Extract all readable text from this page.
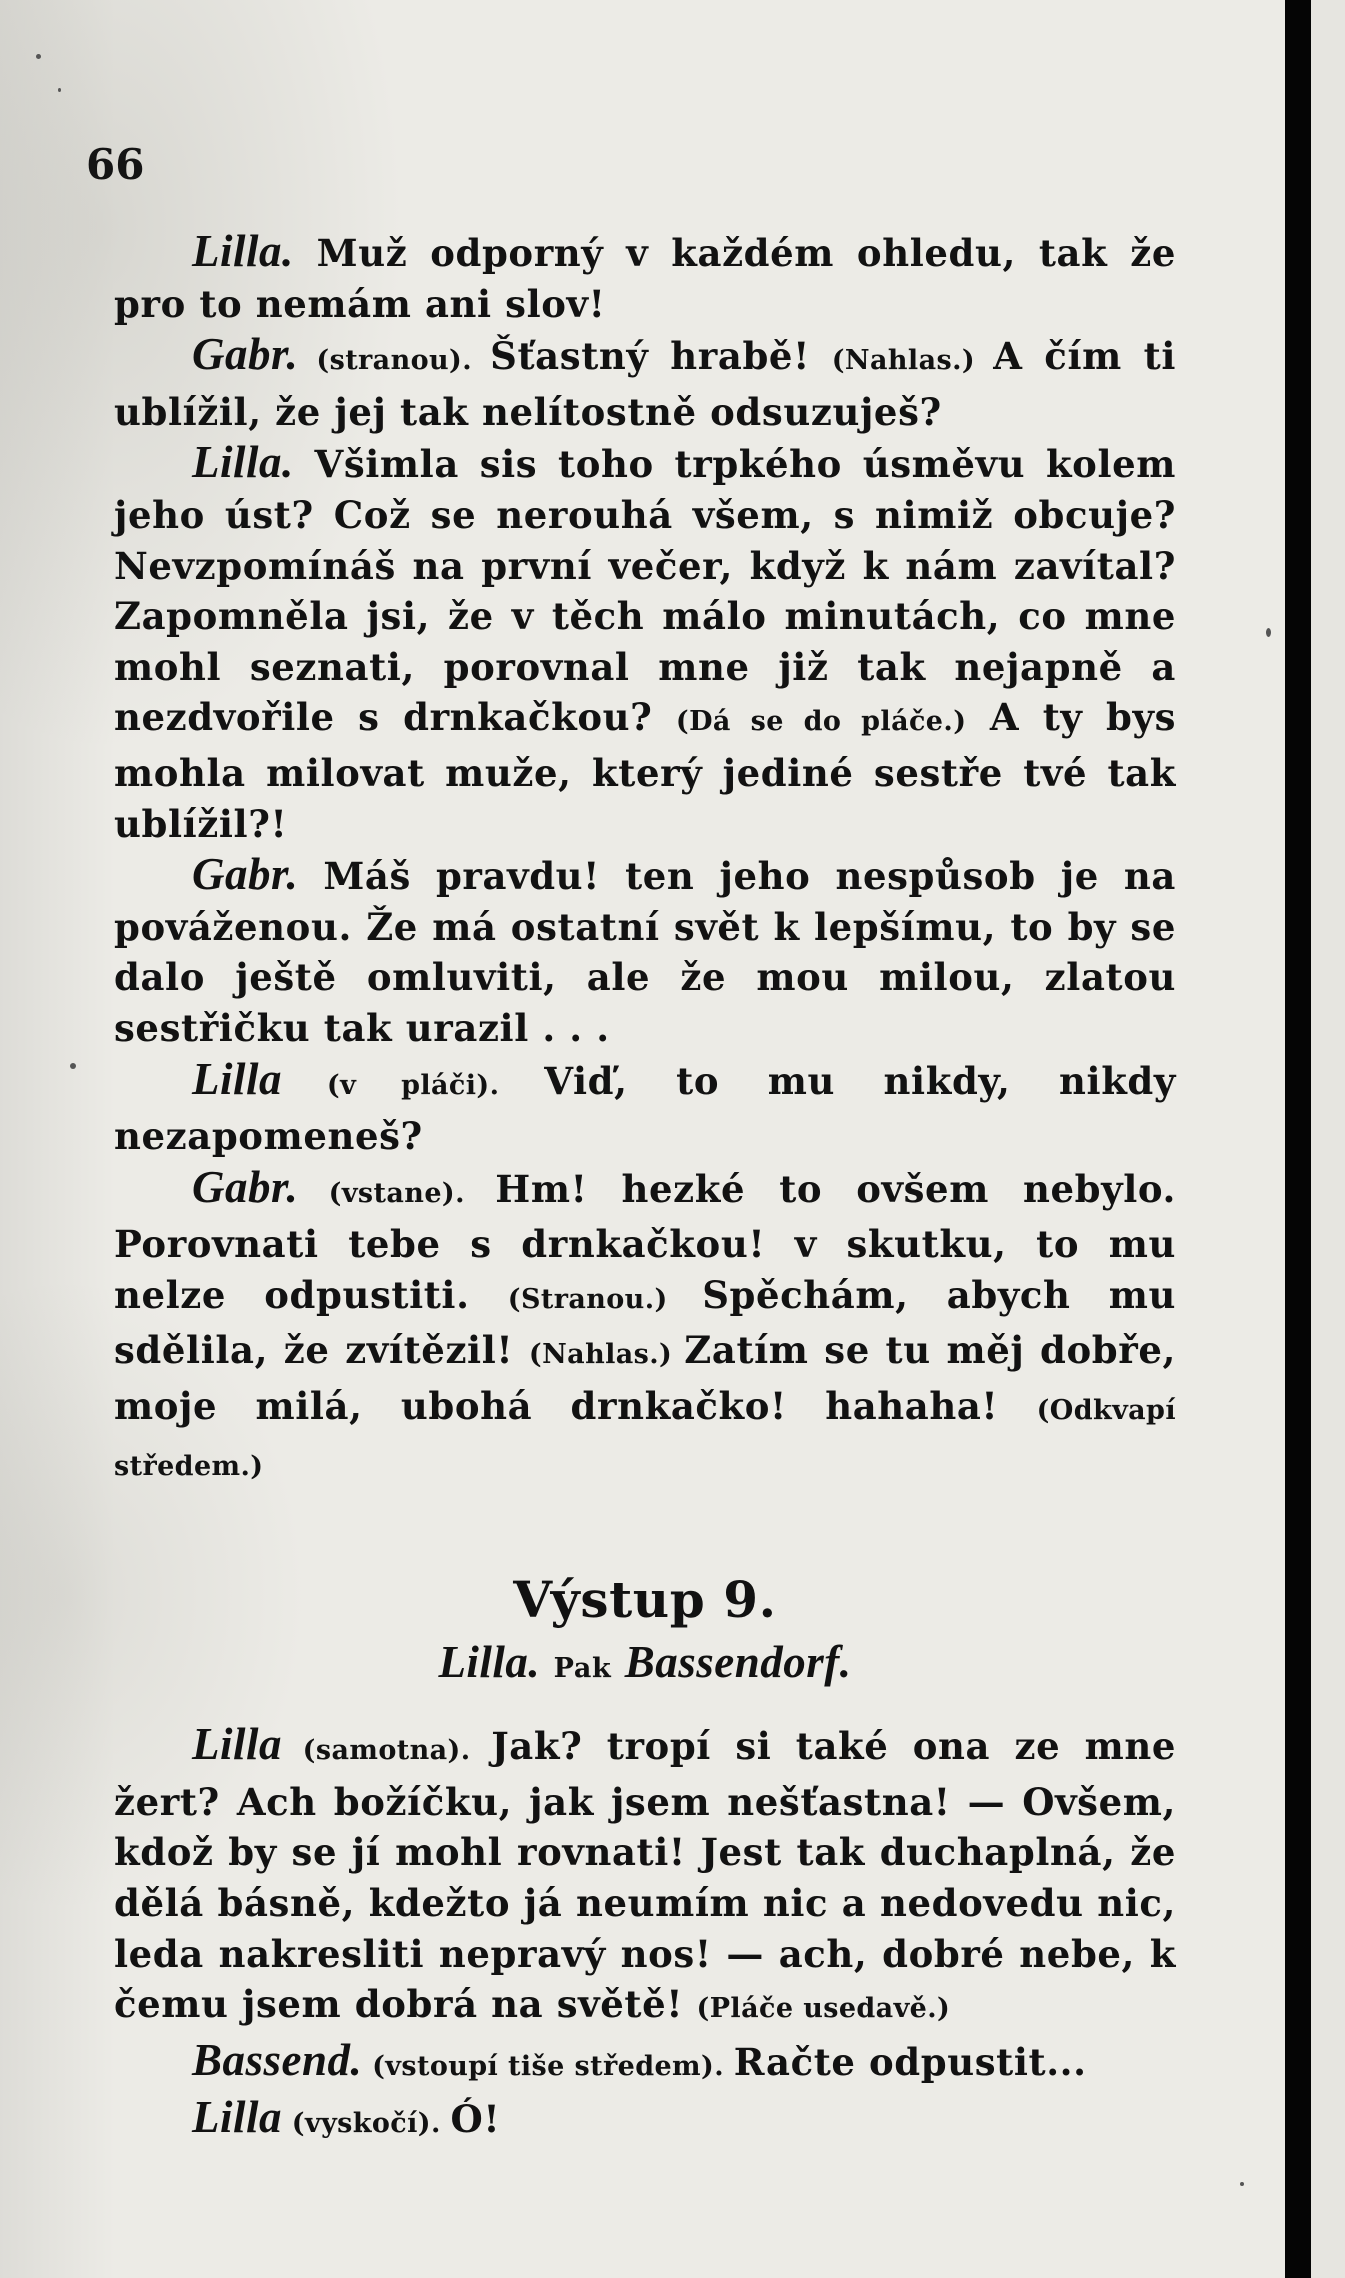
66

Lilla. Muž odporný v každém ohledu, tak že pro to nemám ani slov!

Gabr. (stranou). Šťastný hrabě! (Nahlas.) A čím ti ublížil, že jej tak nelítostně odsuzuješ?

Lilla. Všimla sis toho trpkého úsměvu kolem jeho úst? Což se nerouhá všem, s nimiž obcuje? Nevzpomínáš na první večer, když k nám zavítal? Zapomněla jsi, že v těch málo minutách, co mne mohl seznati, porovnal mne již tak nejapně a nezdvořile s drnkačkou? (Dá se do pláče.) A ty bys mohla milovat muže, který jediné sestře tvé tak ublížil?!

Gabr. Máš pravdu! ten jeho nespůsob je na pováženou. Že má ostatní svět k lepšímu, to by se dalo ještě omluviti, ale že mou milou, zlatou sestřičku tak urazil . . .

Lilla (v pláči). Viď, to mu nikdy, nikdy nezapomeneš?

Gabr. (vstane). Hm! hezké to ovšem nebylo. Porovnati tebe s drnkačkou! v skutku, to mu nelze odpustiti. (Stranou.) Spěchám, abych mu sdělila, že zvítězil! (Nahlas.) Zatím se tu měj dobře, moje milá, ubohá drnkačko! hahaha! (Odkvapí středem.)

Výstup 9.

Lilla. Pak Bassendorf.

Lilla (samotna). Jak? tropí si také ona ze mne žert? Ach božíčku, jak jsem nešťastna! — Ovšem, kdož by se jí mohl rovnati! Jest tak duchaplná, že dělá básně, kdežto já neumím nic a nedovedu nic, leda nakresliti nepravý nos! — ach, dobré nebe, k čemu jsem dobrá na světě! (Pláče usedavě.)

Bassend. (vstoupí tiše středem). Račte odpustit...

Lilla (vyskočí). Ó!
